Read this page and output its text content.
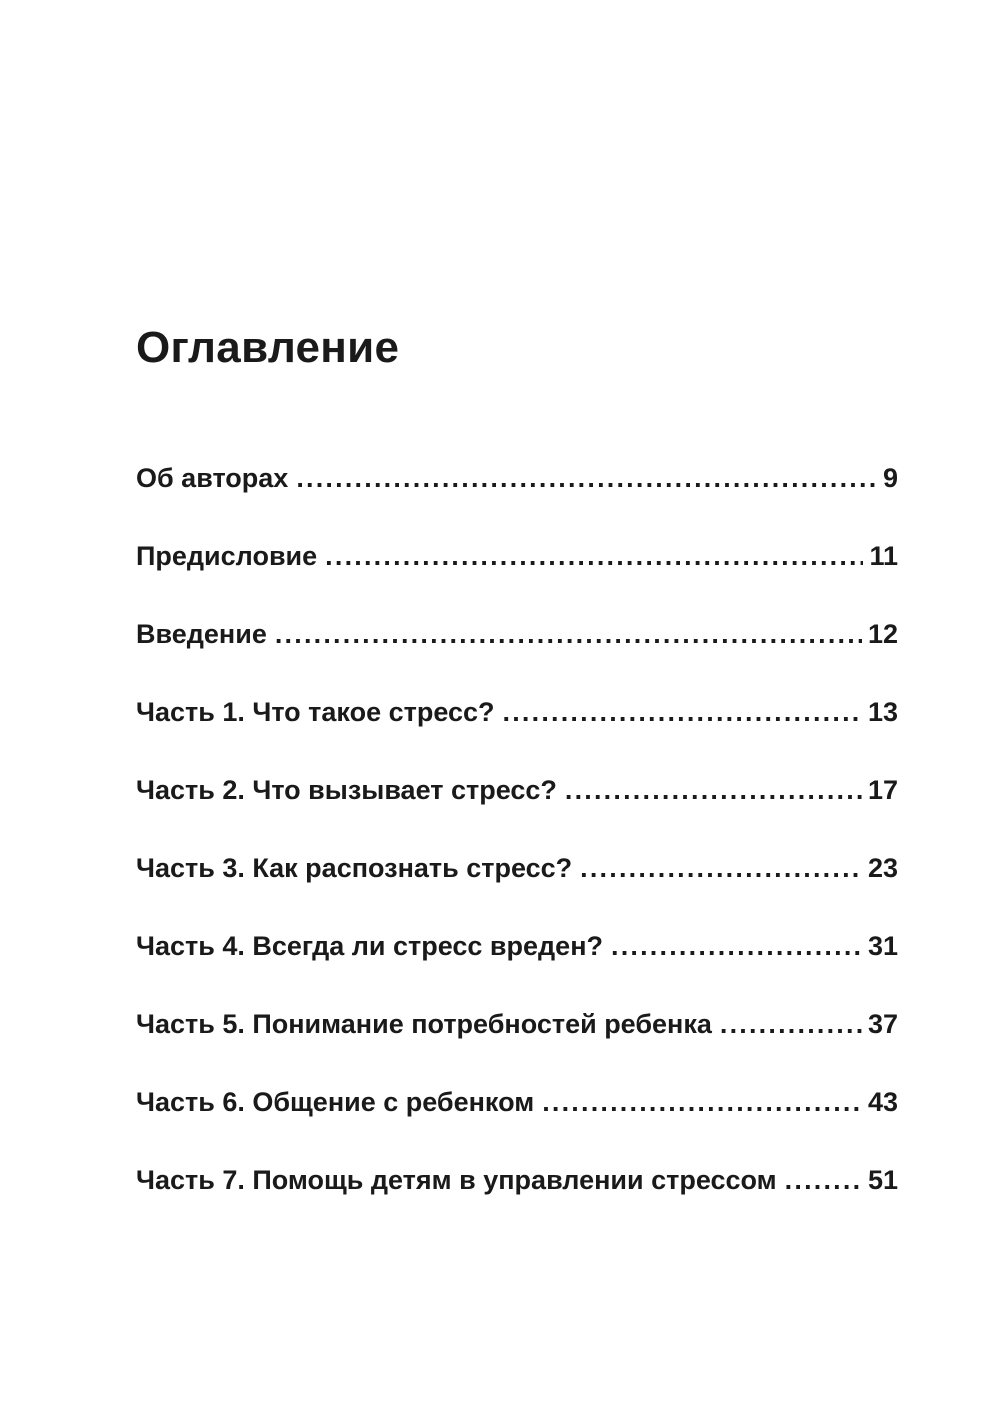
Оглавление
Об авторах .....	9
Предисловие .....	11
Введение .....	12
Часть 1. Что такое стресс? .....	13
Часть 2. Что вызывает стресс? .....	17
Часть 3. Как распознать стресс? .....	23
Часть 4. Всегда ли стресс вреден? .....	31
Часть 5. Понимание потребностей ребенка .....	37
Часть 6. Общение с ребенком .....	43
Часть 7. Помощь детям в управлении стрессом .....	51
